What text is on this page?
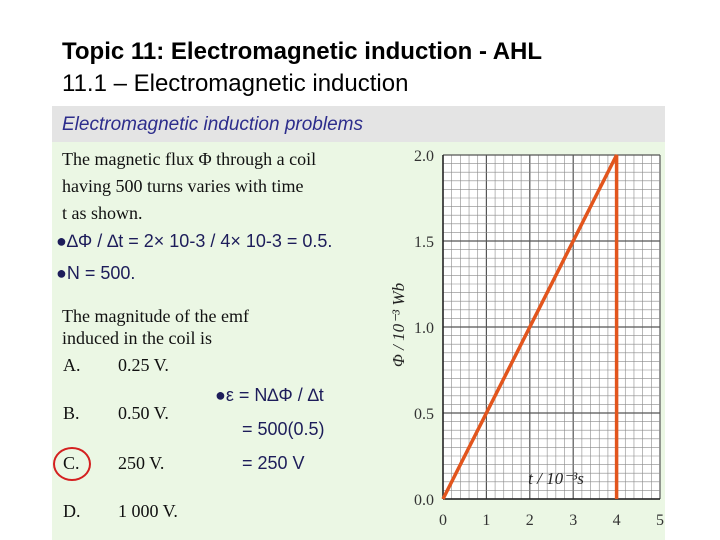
Topic 11: Electromagnetic induction - AHL
11.1 – Electromagnetic induction
Electromagnetic induction problems
The magnetic flux Φ through a coil
having 500 turns varies with time
t as shown.
●∆Φ / ∆t = 2× 10-3 / 4× 10-3 = 0.5.
●N = 500.
The magnitude of the emf
induced in the coil is
A. 0.25 V.
B. 0.50 V.
C. 250 V.
D. 1 000 V.
●ε = N∆Φ / ∆t
= 500(0.5)
= 250 V
0 1 2 3 4 5
0.0
0.5
1.0
1.5
2.0
t / 10⁻³s
Φ / 10⁻³ Wb
